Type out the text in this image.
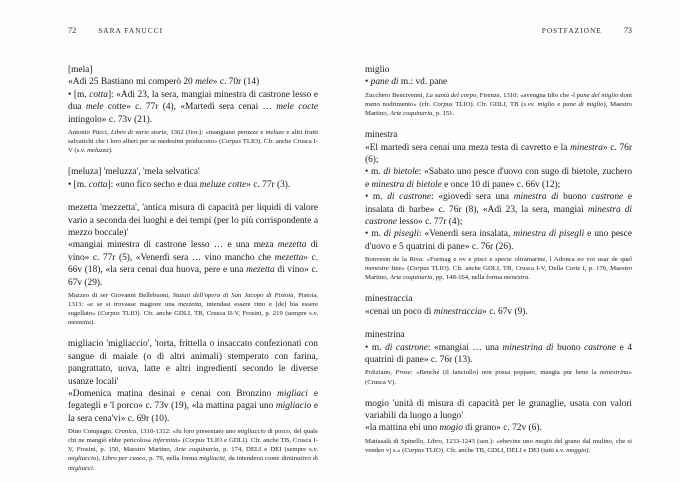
72	SARA FANUCCI

[mela]

«Adì 25 Bastiano mi comperò 20 mele» c. 70r (14)

• [m. cotta]: «Adì 23, la sera, mangiai minestra di castrone lesso e dua mele cotte» c. 77r (4), «Martedì sera cenai … mele cocte intingolo» c. 73v (21).

Antonio Pucci, Libro di varie storie, 1362 (fior.): «mangiano peruzze e meluze e altri frutti salvatichi che i loro alberi per se medesimi producono» (Corpus TLIO). Cfr. anche Crusca I-V (s.v. meluzza).

[meluza] 'meluzza', 'mela selvatica'

• [m. cotta]: «uno fico secho e dua meluze cotte» c. 77r (3).

mezetta 'mezzetta', 'antica misura di capacità per liquidi di valore vario a seconda dei luoghi e dei tempi (per lo più corrispondente a mezzo boccale)'

«mangiai minestra di castrone lesso … e una meza mezetta di vino» c. 77r (5), «Venerdì sera … vino mancho che mezetta» c. 66v (18), «la sera cenai dua huova, pere e una mezetta di vino» c. 67v (29).

Mazzeo di ser Giovanni Bellebuoni, Statuti dell'opera di San Jacopo di Pistoia, Pistoia, 1313: «e se si trovasse magiore una mezzetta, intendasi essere ritto e [de] bia essere sugellato» (Corpus TLIO). Cfr. anche GDLI, TB, Crusca II-V, Frosini, p. 219 (sempre s.v. mezzetta).

migliacio 'migliaccio', 'torta, frittella o insaccato confezionati con sangue di maiale (o di altri animali) stemperato con farina, pangrattato, uova, latte e altri ingredienti secondo le diverse usanze locali'

«Domenica matina desinai e cenai con Bronzino migliaci e fegategli e 'l porco» c. 73v (19), «la mattina pagai uno migliacio e la sera cena'vi» c. 69r (10).

Dino Compagni, Cronica, 1310-1312: «fu loro presentato uno migliaccio di porco, del quale chi ne mangiò ebbe pericolosa infermità» (Corpus TLIO e GDLI). Cfr. anche TB, Crusca I-V, Frosini, p. 150, Maestro Martino, Arte coquinaria, p. 174, DELI e DEI (sempre s.v. migliaccio), Libro per cuoco, p. 79, nella forma migliaciti, da intendersi come diminutivo di migliacci.

POSTFAZIONE	73

miglio

• pane di m.: vd. pane

Zucchero Bencivenni, La santà del corpo, Firenze, 1310: «avengna Idio che -l pane del miglio doni meno nodrimento» (cfr. Corpus TLIO). Cfr. GDLI, TB (s.vv. miglio e pane di miglio), Maestro Martino, Arte coquinaria, p. 151.

minestra

«El martedì sera cenai una meza testa di cavretto e la minestra» c. 76r (6);

• m. di bietole: «Sabato uno pesce d'uovo con sugo di bietole, zuchero e minestra di bietole e once 10 di pane» c. 66v (12);

• m. di castrone: «giovedì sera una minestra di buono castrone e insalata di barbe» c. 76r (8), «Adì 23, la sera, mangiai minestra di castrone lesso» c. 77r (4);

• m. di pisegli: «Venerdì sera insalata, minestra di pisegli e uno pesce d'uovo e 5 quatrini di pane» c. 76r (26).

Bonvesin de la Riva: «Formag e ov e pisci e specie oltramarine, l Adonca eo voi usar de quel menestre fine» (Corpus TLIO). Cfr. anche GDLI, TB, Crusca I-V, Della Corte I, p. 176, Maestro Martino, Arte coquinaria, pp. 148-164, nella forma menestra.

minestraccia

«cenai un poco di minestraccia» c. 67v (9).

minestrina

• m. di castrone: «mangiai … una minestrina di buono castrone e 4 quatrini di pane» c. 76r (13).

Poliziano, Prose: «Benché (il fanciullo) non possa poppare, mangia pur bene la minestrina» (Crusca V).

mogio 'unità di misura di capacità per le granaglie, usata con valori variabili da luogo a luogo'

«la mattina ebi uno mogio di grano» c. 72v (6).

Mattasalà di Spinello, Libro, 1233-1243 (sen.): «ebevine uno mogio del grano dal mulino, che si vendeo vj s.» (Corpus TLIO). Cfr. anche TB, GDLI, DELI e DEI (tutti s.v. moggio).
